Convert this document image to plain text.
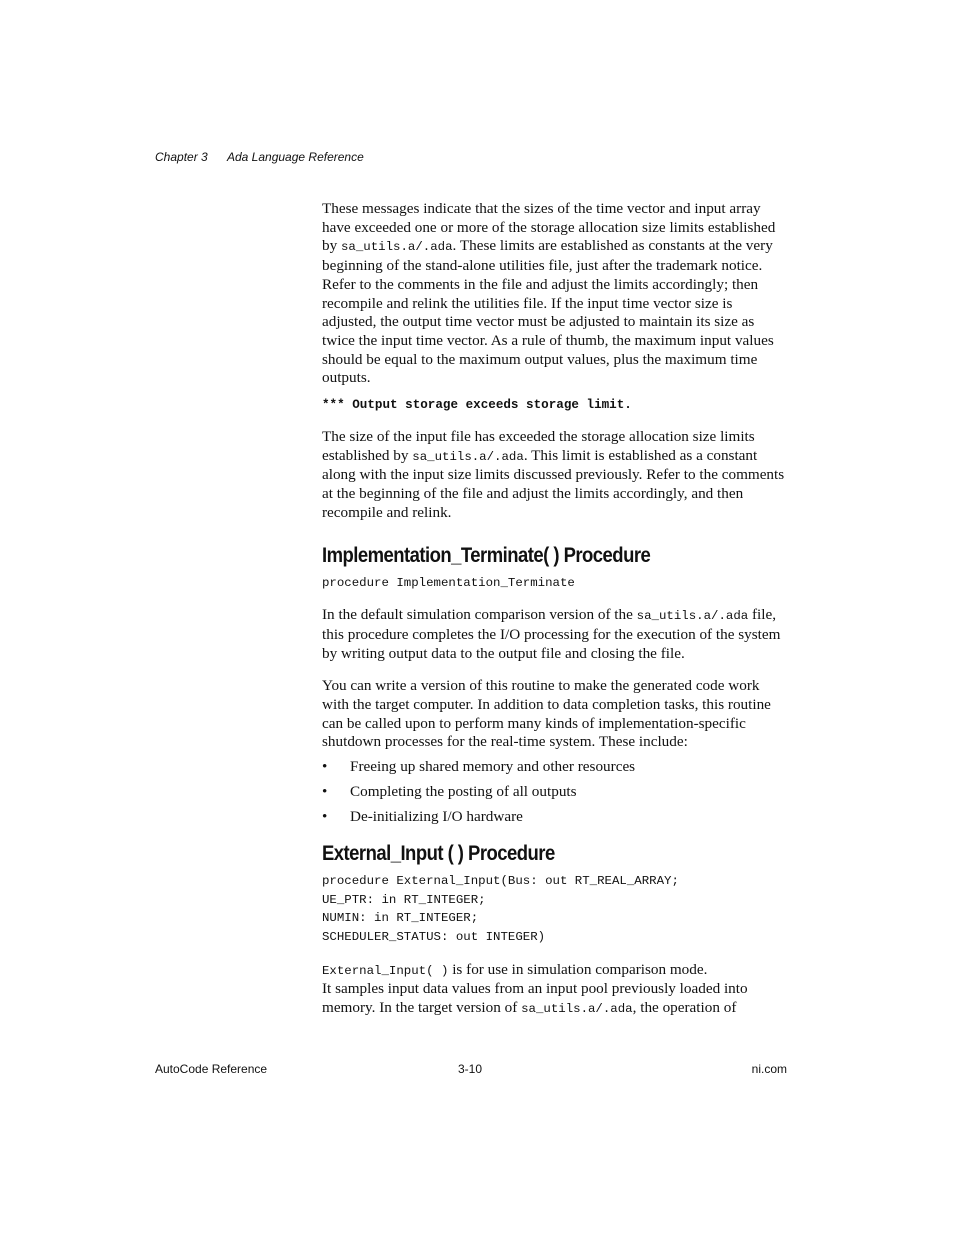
Chapter 3 Ada Language Reference

These messages indicate that the sizes of the time vector and input array have exceeded one or more of the storage allocation size limits established by sa_utils.a/.ada. These limits are established as constants at the very beginning of the stand-alone utilities file, just after the trademark notice. Refer to the comments in the file and adjust the limits accordingly; then recompile and relink the utilities file. If the input time vector size is adjusted, the output time vector must be adjusted to maintain its size as twice the input time vector. As a rule of thumb, the maximum input values should be equal to the maximum output values, plus the maximum time outputs.

*** Output storage exceeds storage limit.

The size of the input file has exceeded the storage allocation size limits established by sa_utils.a/.ada. This limit is established as a constant along with the input size limits discussed previously. Refer to the comments at the beginning of the file and adjust the limits accordingly, and then recompile and relink.

Implementation_Terminate( ) Procedure
procedure Implementation_Terminate

In the default simulation comparison version of the sa_utils.a/.ada file, this procedure completes the I/O processing for the execution of the system by writing output data to the output file and closing the file.

You can write a version of this routine to make the generated code work with the target computer. In addition to data completion tasks, this routine can be called upon to perform many kinds of implementation-specific shutdown processes for the real-time system. These include:

• Freeing up shared memory and other resources
• Completing the posting of all outputs
• De-initializing I/O hardware
External_Input ( ) Procedure
procedure External_Input(Bus: out RT_REAL_ARRAY;
UE_PTR: in RT_INTEGER;
NUMIN: in RT_INTEGER;
SCHEDULER_STATUS: out INTEGER)

External_Input( ) is for use in simulation comparison mode.
It samples input data values from an input pool previously loaded into memory. In the target version of sa_utils.a/.ada, the operation of

AutoCode Reference	3-10	ni.com
